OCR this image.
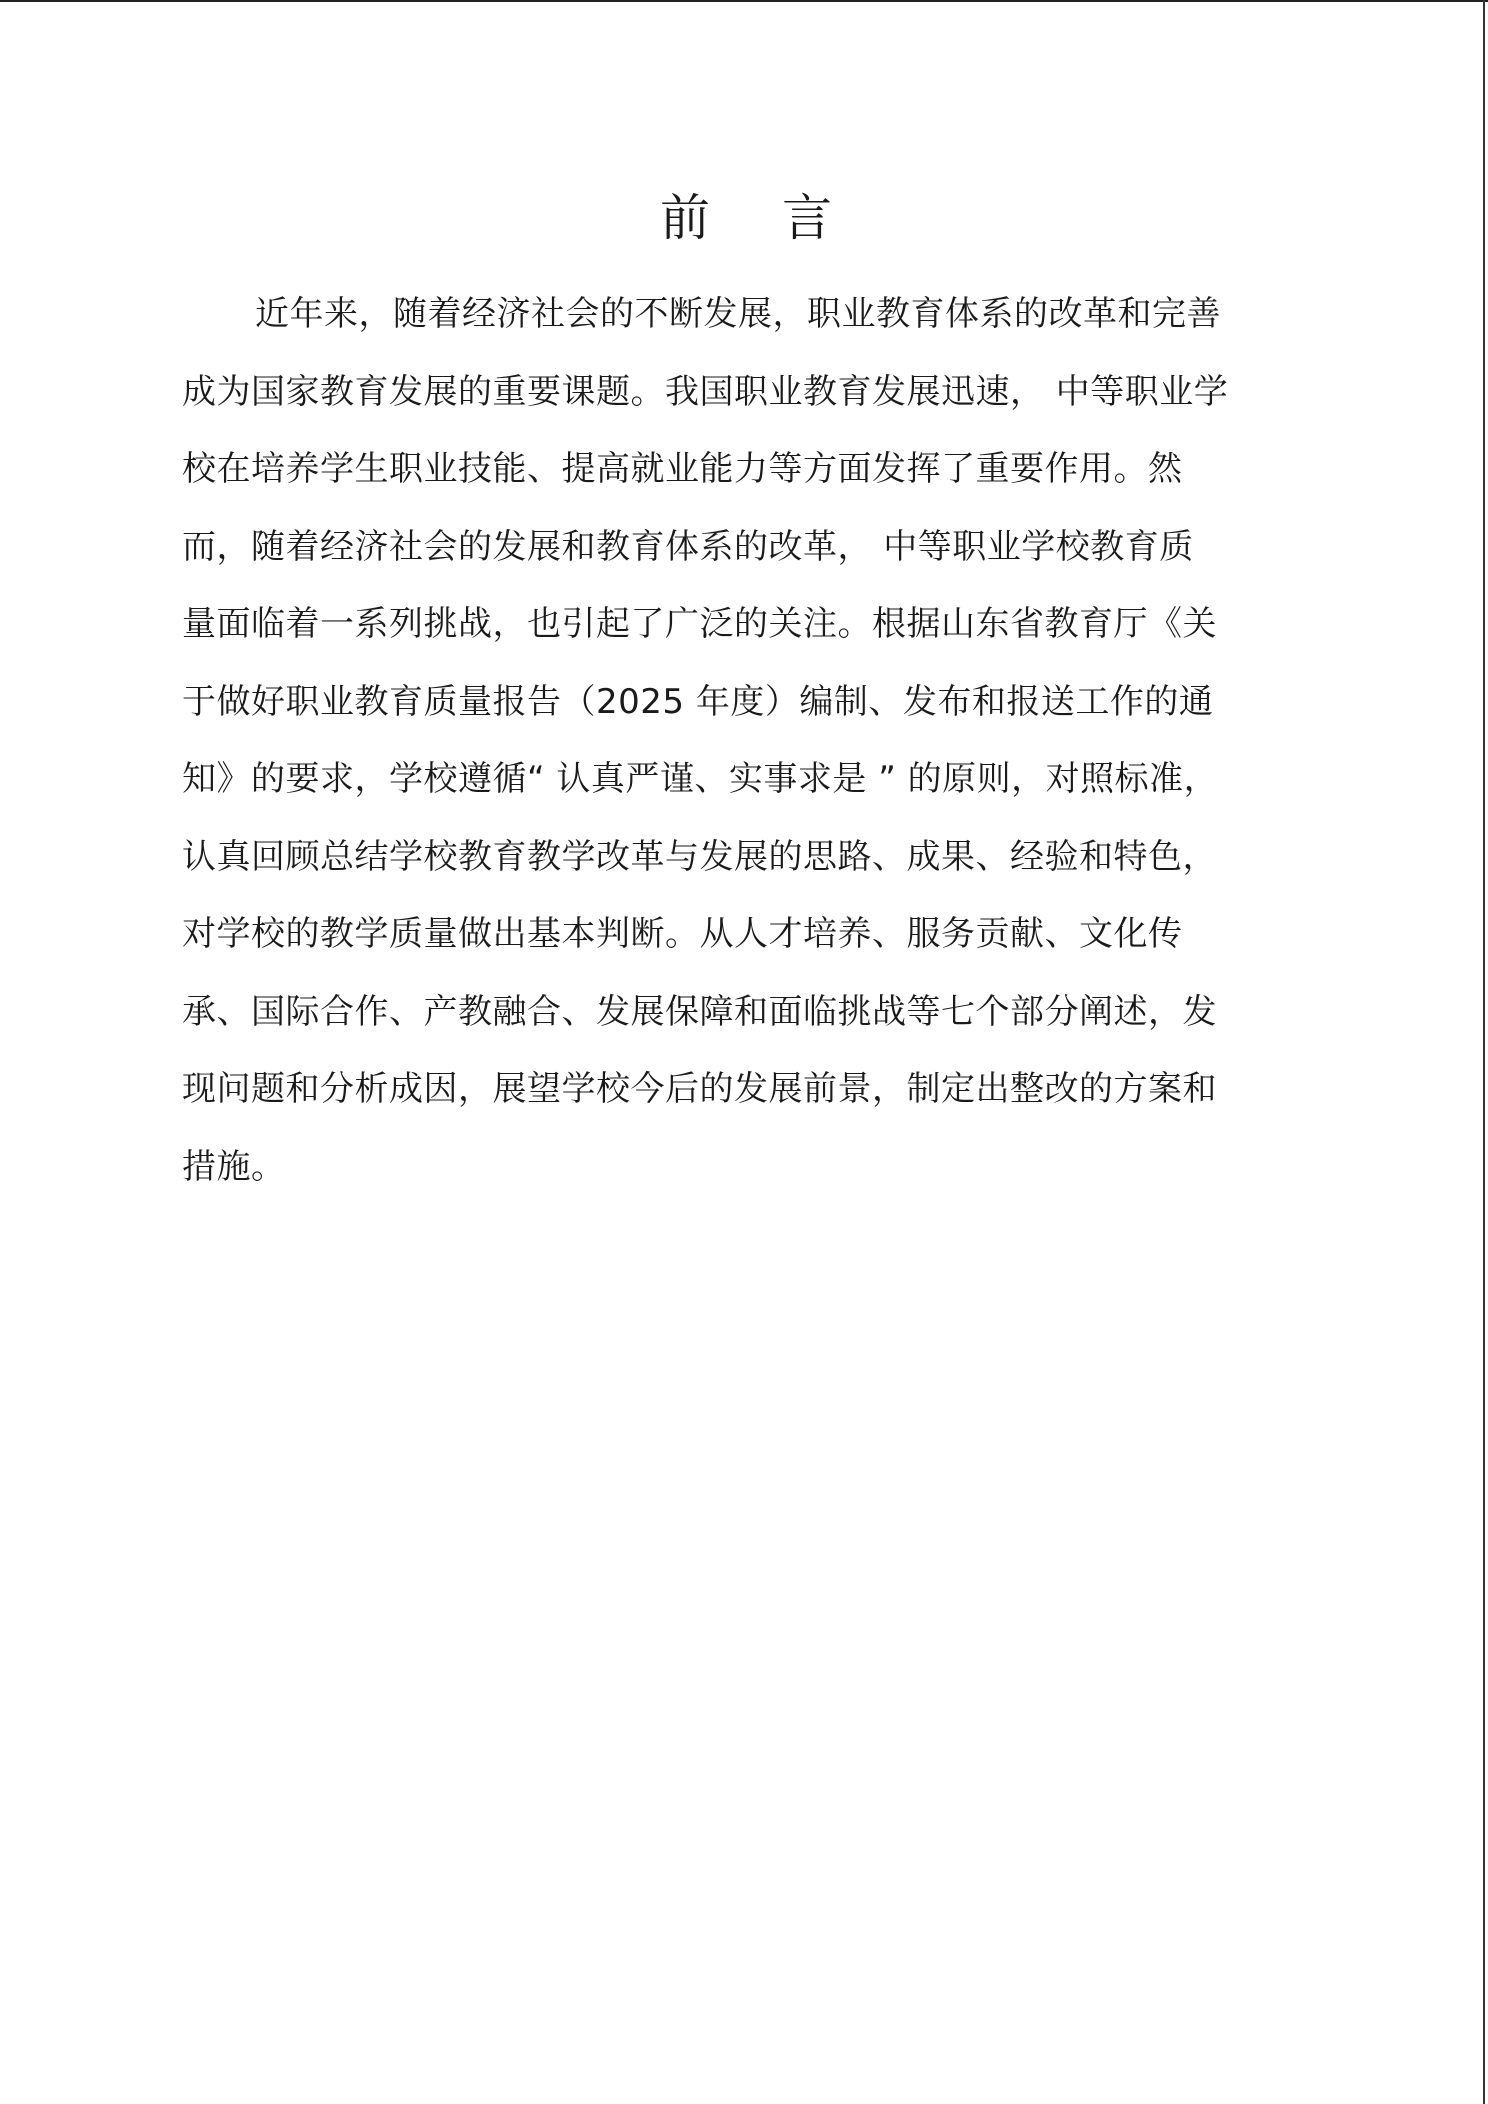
前 言
近年来，随着经济社会的不断发展，职业教育体系的改革和完善
成为国家教育发展的重要课题。我国职业教育发展迅速， 中等职业学
校在培养学生职业技能、提高就业能力等方面发挥了重要作用。然
而，随着经济社会的发展和教育体系的改革， 中等职业学校教育质
量面临着一系列挑战，也引起了广泛的关注。根据山东省教育厅《关
于做好职业教育质量报告（2025 年度）编制、发布和报送工作的通
知》的要求，学校遵循“ 认真严谨、实事求是 ” 的原则，对照标准，
认真回顾总结学校教育教学改革与发展的思路、成果、经验和特色，
对学校的教学质量做出基本判断。从人才培养、服务贡献、文化传
承、国际合作、产教融合、发展保障和面临挑战等七个部分阐述，发
现问题和分析成因，展望学校今后的发展前景，制定出整改的方案和
措施。
